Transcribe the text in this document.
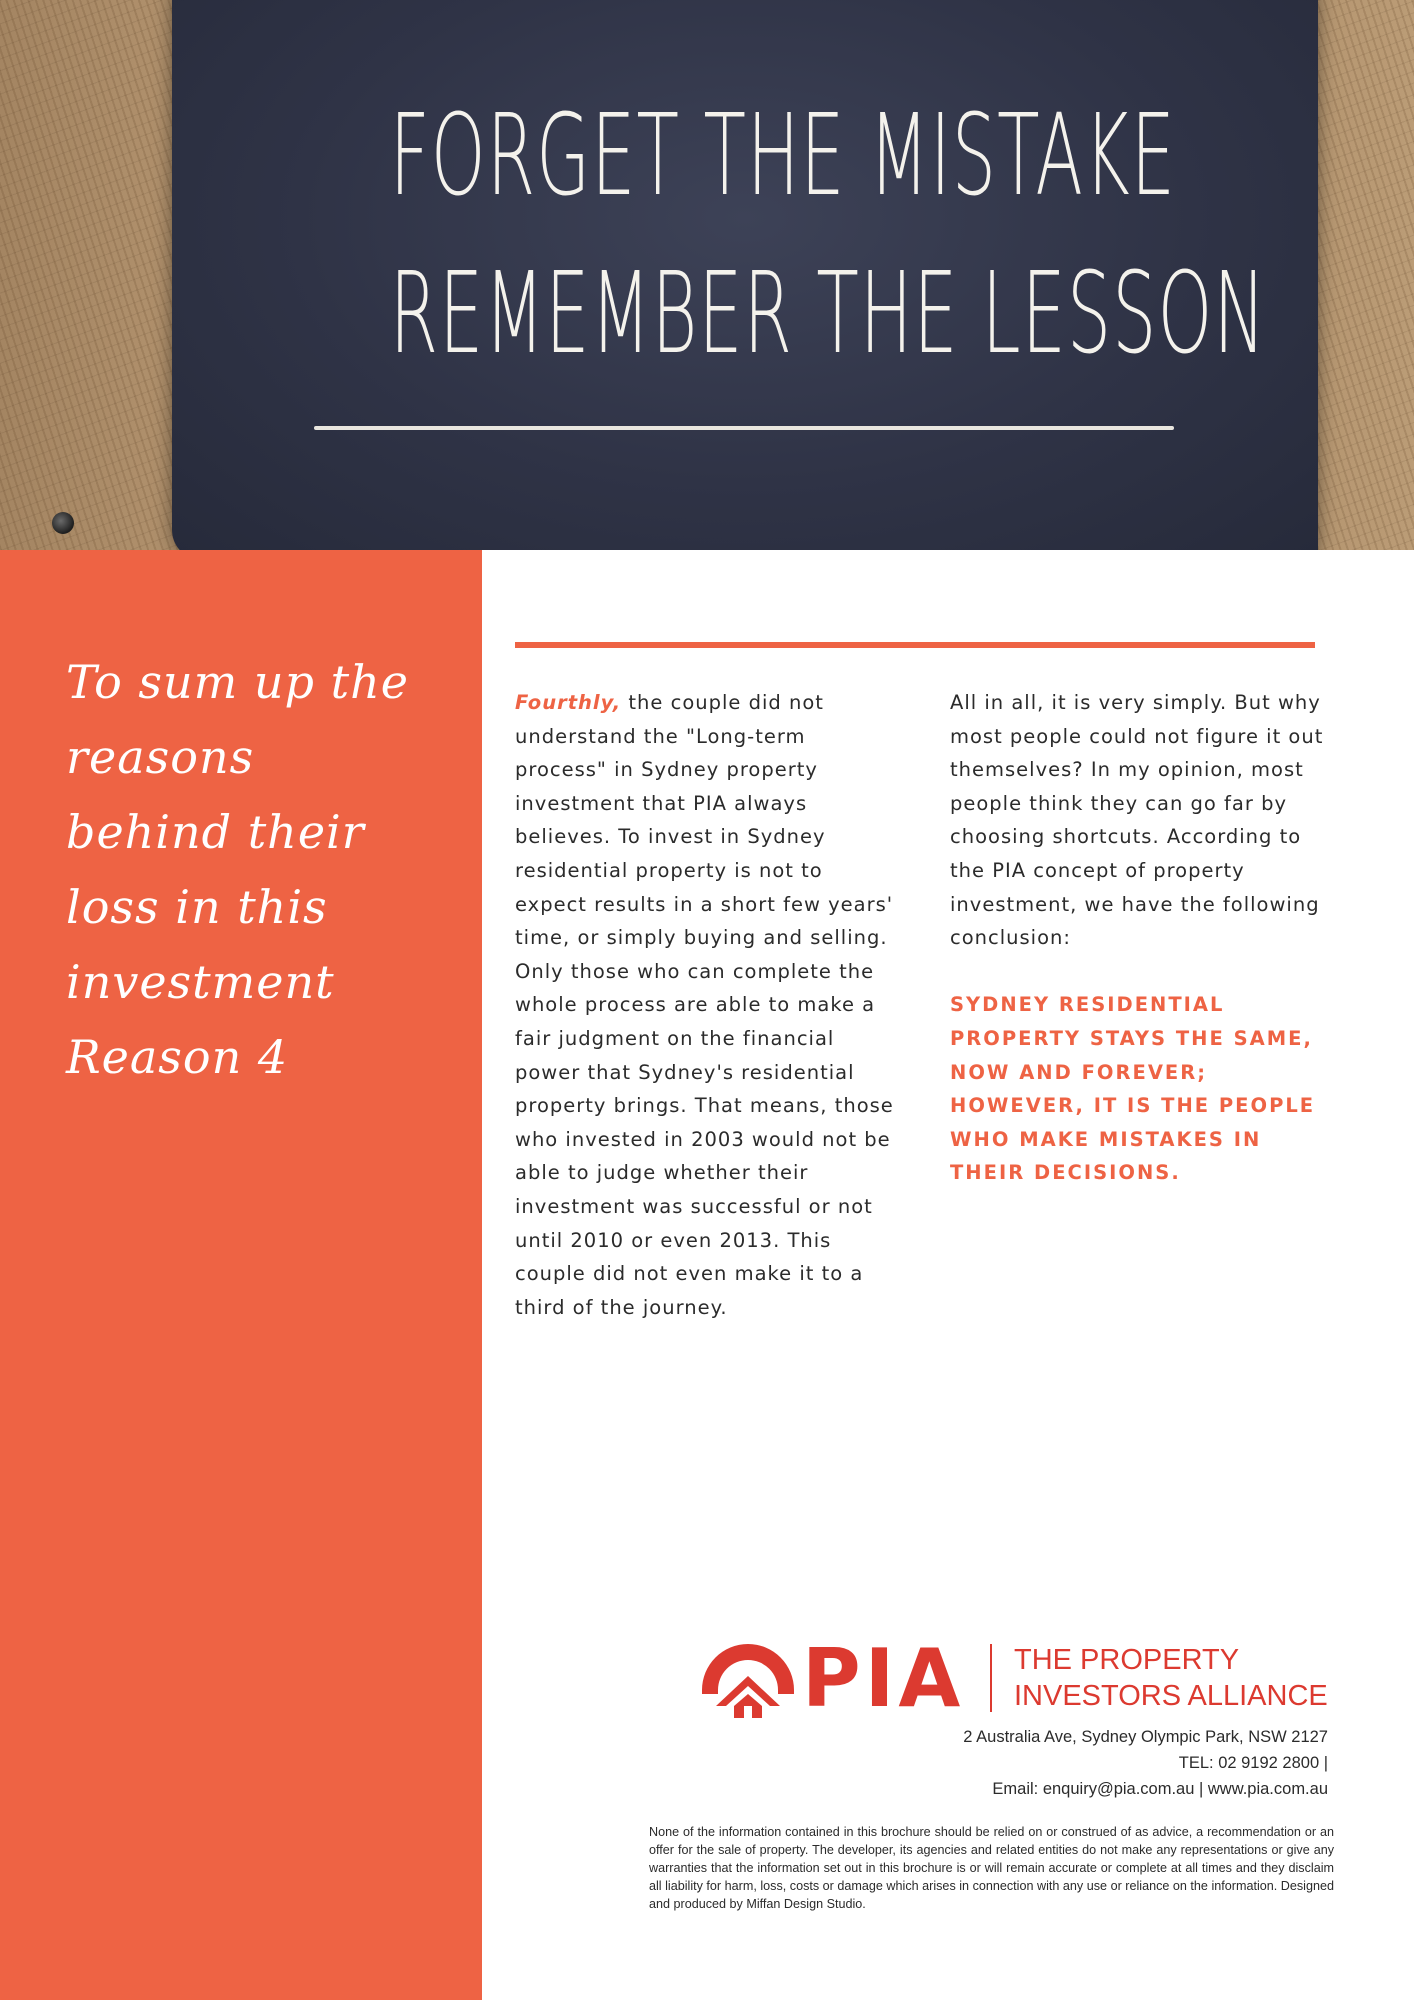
FORGET THE MISTAKE
REMEMBER THE LESSON
To sum up the
reasons
behind their
loss in this
investment
Reason 4

Fourthly, the couple did not understand the "Long-term process" in Sydney property investment that PIA always believes. To invest in Sydney residential property is not to expect results in a short few years' time, or simply buying and selling. Only those who can complete the whole process are able to make a fair judgment on the financial power that Sydney's residential property brings. That means, those who invested in 2003 would not be able to judge whether their investment was successful or not until 2010 or even 2013. This couple did not even make it to a third of the journey.

All in all, it is very simply. But why most people could not figure it out themselves? In my opinion, most people think they can go far by choosing shortcuts. According to the PIA concept of property investment, we have the following conclusion:

SYDNEY RESIDENTIAL PROPERTY STAYS THE SAME, NOW AND FOREVER; HOWEVER, IT IS THE PEOPLE WHO MAKE MISTAKES IN THEIR DECISIONS.

PIA THE PROPERTY
INVESTORS ALLIANCE

2 Australia Ave, Sydney Olympic Park, NSW 2127

TEL: 02 9192 2800 |

Email: enquiry@pia.com.au | www.pia.com.au

None of the information contained in this brochure should be relied on or construed of as advice, a recommendation or an offer for the sale of property. The developer, its agencies and related entities do not make any representations or give any warranties that the information set out in this brochure is or will remain accurate or complete at all times and they disclaim all liability for harm, loss, costs or damage which arises in connection with any use or reliance on the information. Designed and produced by Miffan Design Studio.
